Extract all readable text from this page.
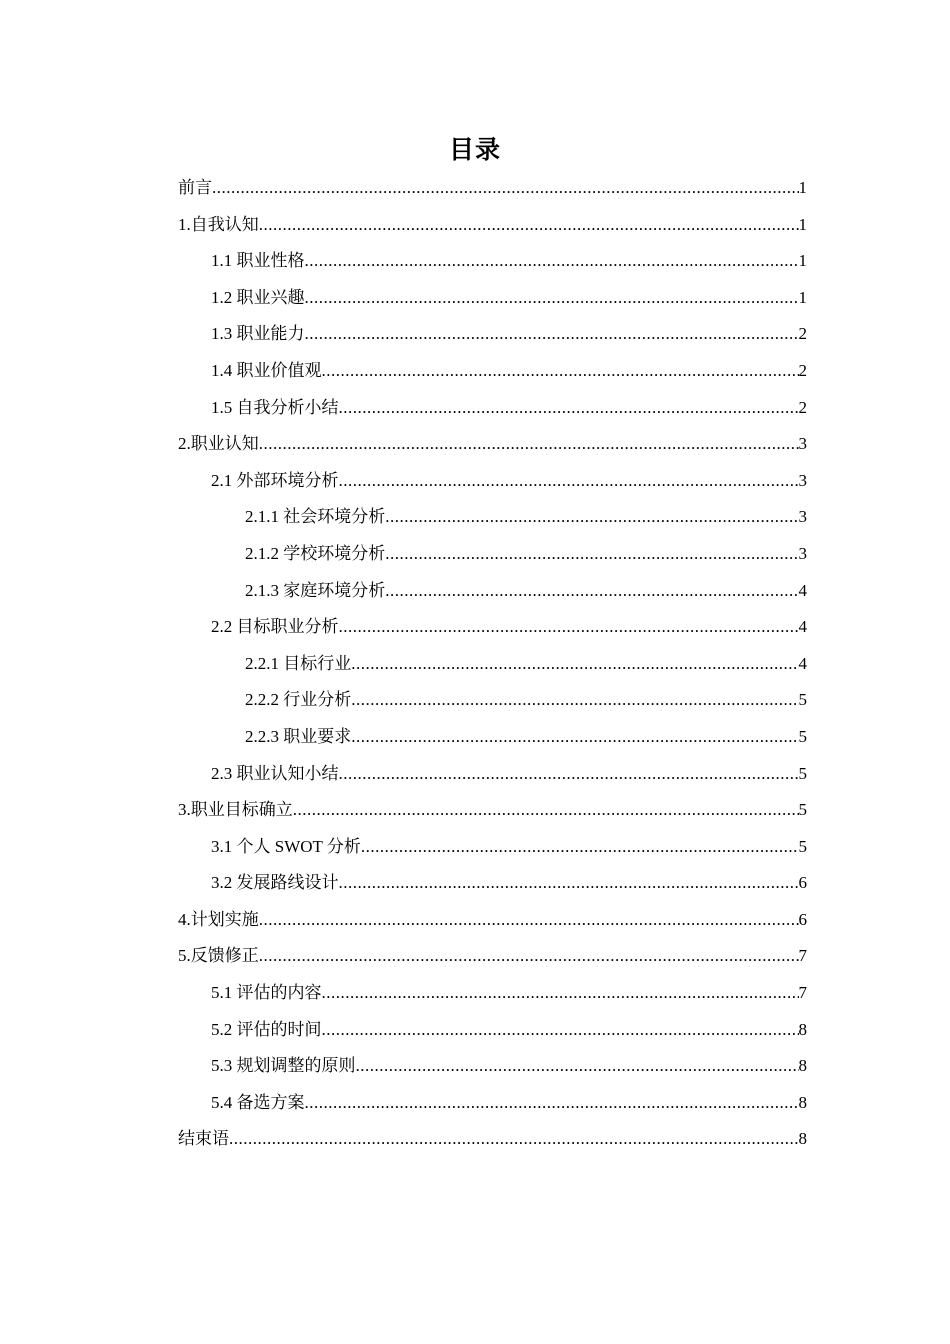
目录
前言 .....	1
1.自我认知 .....	1
1.1 职业性格 .....	1
1.2 职业兴趣 .....	1
1.3 职业能力 .....	2
1.4 职业价值观 .....	2
1.5 自我分析小结 .....	2
2.职业认知 .....	3
2.1 外部环境分析 .....	3
2.1.1 社会环境分析 .....	3
2.1.2 学校环境分析 .....	3
2.1.3 家庭环境分析 .....	4
2.2 目标职业分析 .....	4
2.2.1 目标行业 .....	4
2.2.2 行业分析 .....	5
2.2.3 职业要求 .....	5
2.3 职业认知小结 .....	5
3.职业目标确立 .....	5
3.1 个人 SWOT 分析 .....	5
3.2 发展路线设计 .....	6
4.计划实施 .....	6
5.反馈修正 .....	7
5.1 评估的内容 .....	7
5.2 评估的时间 .....	8
5.3 规划调整的原则 .....	8
5.4 备选方案 .....	8
结束语 .....	8
